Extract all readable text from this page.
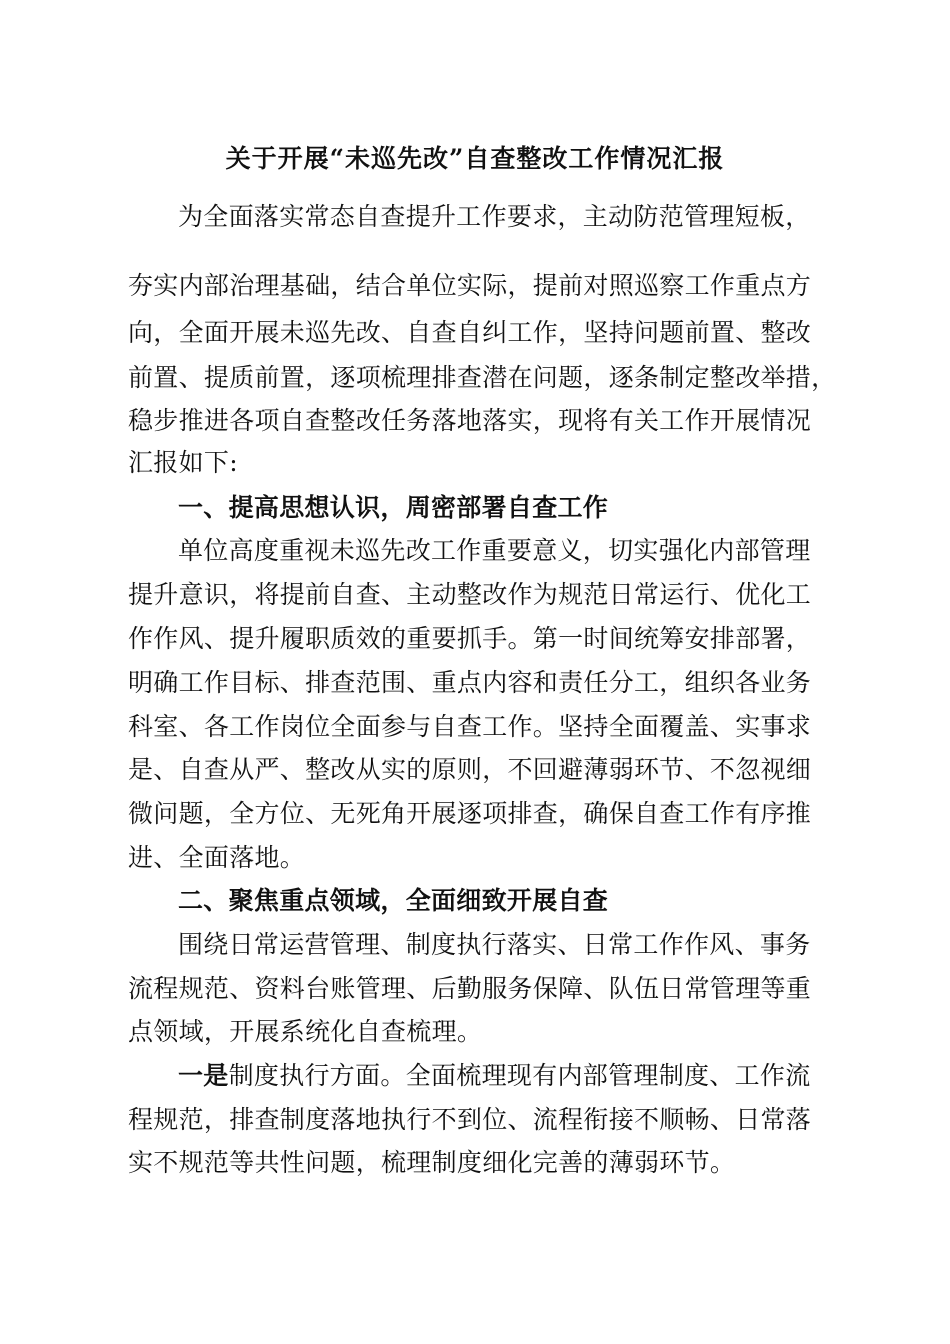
关于开展“未巡先改”自查整改工作情况汇报

为全面落实常态自查提升工作要求，主动防范管理短板，

夯实内部治理基础，结合单位实际，提前对照巡察工作重点方

向，全面开展未巡先改、自查自纠工作，坚持问题前置、整改

前置、提质前置，逐项梳理排查潜在问题，逐条制定整改举措，

稳步推进各项自查整改任务落地落实，现将有关工作开展情况

汇报如下:

一、提高思想认识，周密部署自查工作

单位高度重视未巡先改工作重要意义，切实强化内部管理

提升意识，将提前自查、主动整改作为规范日常运行、优化工

作作风、提升履职质效的重要抓手。第一时间统筹安排部署，

明确工作目标、排查范围、重点内容和责任分工，组织各业务

科室、各工作岗位全面参与自查工作。坚持全面覆盖、实事求

是、自查从严、整改从实的原则，不回避薄弱环节、不忽视细

微问题，全方位、无死角开展逐项排查，确保自查工作有序推

进、全面落地。

二、聚焦重点领域，全面细致开展自查

围绕日常运营管理、制度执行落实、日常工作作风、事务

流程规范、资料台账管理、后勤服务保障、队伍日常管理等重

点领域，开展系统化自查梳理。

一是制度执行方面。全面梳理现有内部管理制度、工作流

程规范，排查制度落地执行不到位、流程衔接不顺畅、日常落

实不规范等共性问题，梳理制度细化完善的薄弱环节。
